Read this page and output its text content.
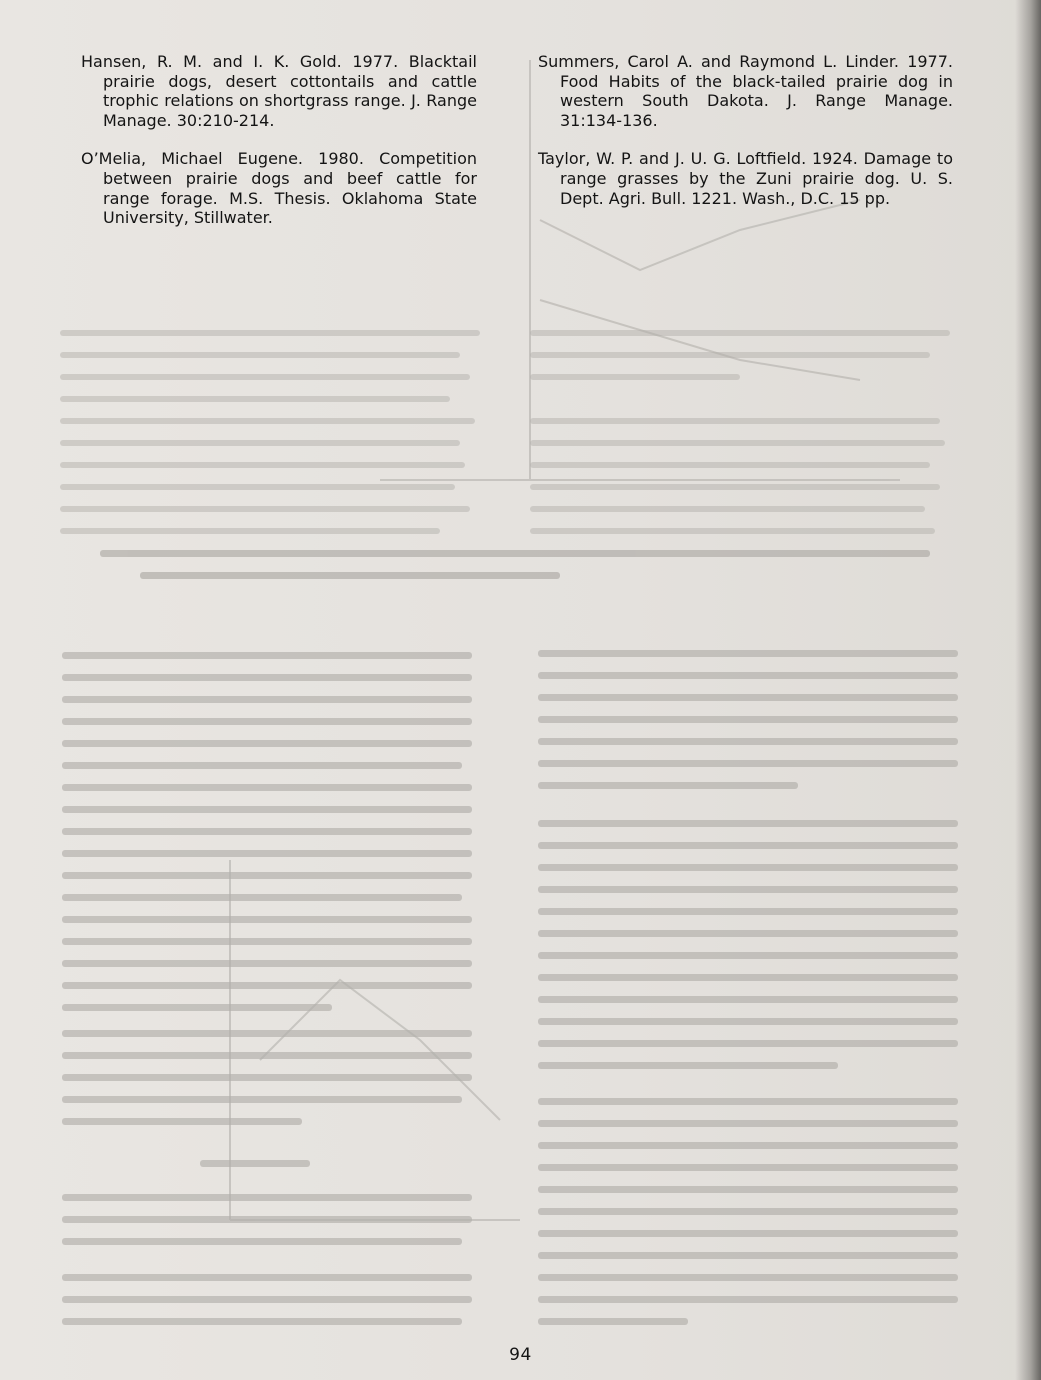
Hansen, R. M. and I. K. Gold. 1977. Blacktail prairie dogs, desert cottontails and cattle trophic relations on shortgrass range. J. Range Manage. 30:210-214.

O’Melia, Michael Eugene. 1980. Competition between prairie dogs and beef cattle for range forage. M.S. Thesis. Oklahoma State University, Stillwater.

Summers, Carol A. and Raymond L. Linder. 1977. Food Habits of the black-tailed prairie dog in western South Dakota. J. Range Manage. 31:134-136.

Taylor, W. P. and J. U. G. Loftfield. 1924. Damage to range grasses by the Zuni prairie dog. U. S. Dept. Agri. Bull. 1221. Wash., D.C. 15 pp.

94
